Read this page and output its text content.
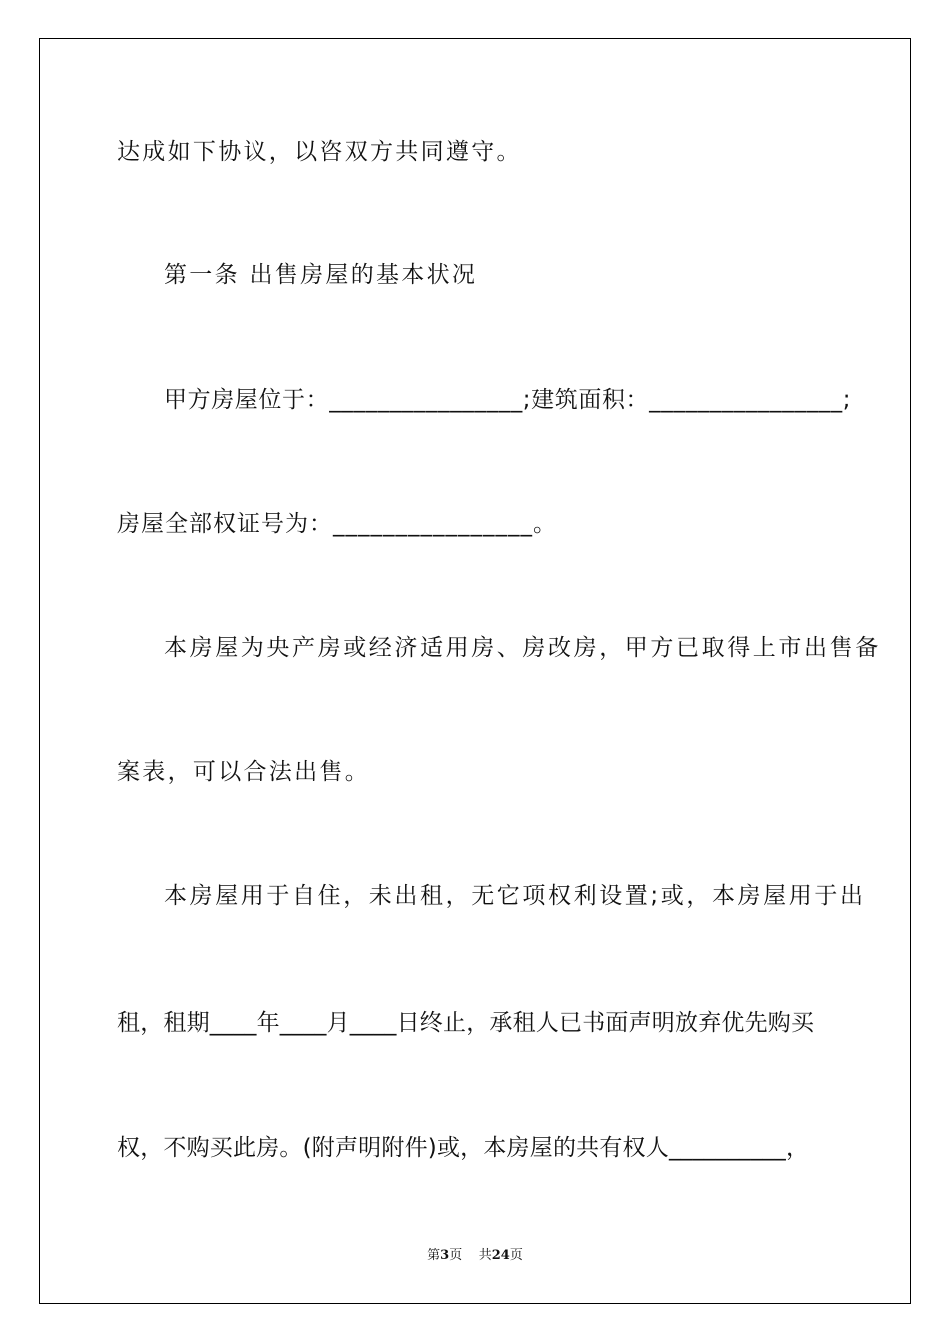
达成如下协议，以咨双方共同遵守。

第一条 出售房屋的基本状况

甲方房屋位于：________________;建筑面积：________________;

房屋全部权证号为：________________。

本房屋为央产房或经济适用房、房改房，甲方已取得上市出售备

案表，可以合法出售。

本房屋用于自住，未出租，无它项权利设置;或，本房屋用于出

租，租期____年____月____日终止，承租人已书面声明放弃优先购买

权，不购买此房。(附声明附件)或，本房屋的共有权人__________，

第3页 共24页
